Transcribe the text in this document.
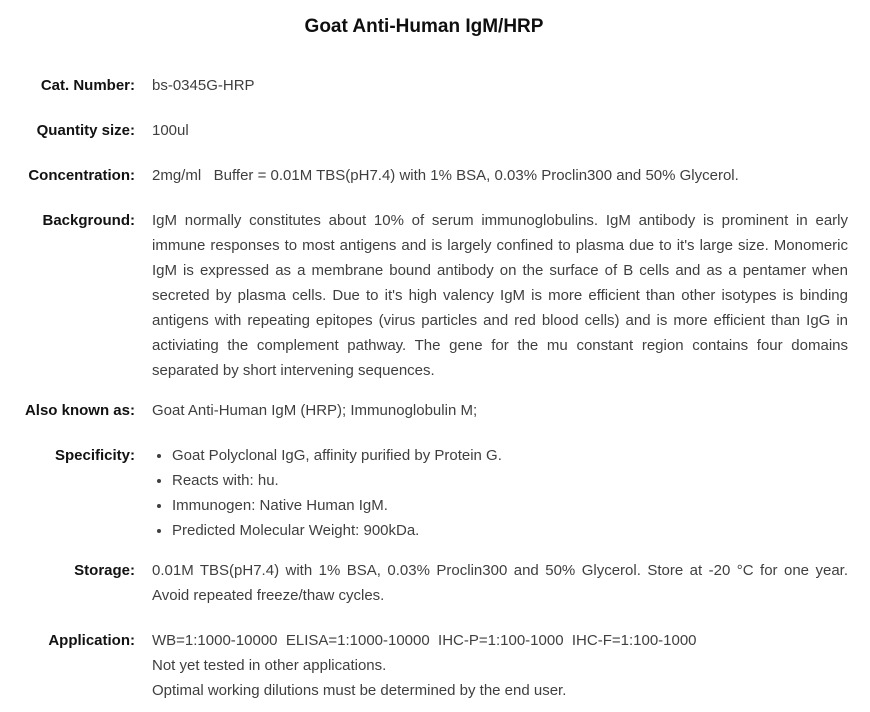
Goat Anti-Human IgM/HRP
Cat. Number: bs-0345G-HRP
Quantity size: 100ul
Concentration: 2mg/ml   Buffer = 0.01M TBS(pH7.4) with 1% BSA, 0.03% Proclin300 and 50% Glycerol.
Background: IgM normally constitutes about 10% of serum immunoglobulins. IgM antibody is prominent in early immune responses to most antigens and is largely confined to plasma due to it's large size. Monomeric IgM is expressed as a membrane bound antibody on the surface of B cells and as a pentamer when secreted by plasma cells. Due to it's high valency IgM is more efficient than other isotypes is binding antigens with repeating epitopes (virus particles and red blood cells) and is more efficient than IgG in activiating the complement pathway. The gene for the mu constant region contains four domains separated by short intervening sequences.
Also known as: Goat Anti-Human IgM (HRP); Immunoglobulin M;
Specificity: • Goat Polyclonal IgG, affinity purified by Protein G.
• Reacts with: hu.
• Immunogen: Native Human IgM.
• Predicted Molecular Weight: 900kDa.
Storage: 0.01M TBS(pH7.4) with 1% BSA, 0.03% Proclin300 and 50% Glycerol. Store at -20 °C for one year. Avoid repeated freeze/thaw cycles.
Application: WB=1:1000-10000  ELISA=1:1000-10000  IHC-P=1:100-1000  IHC-F=1:100-1000
Not yet tested in other applications.
Optimal working dilutions must be determined by the end user.
